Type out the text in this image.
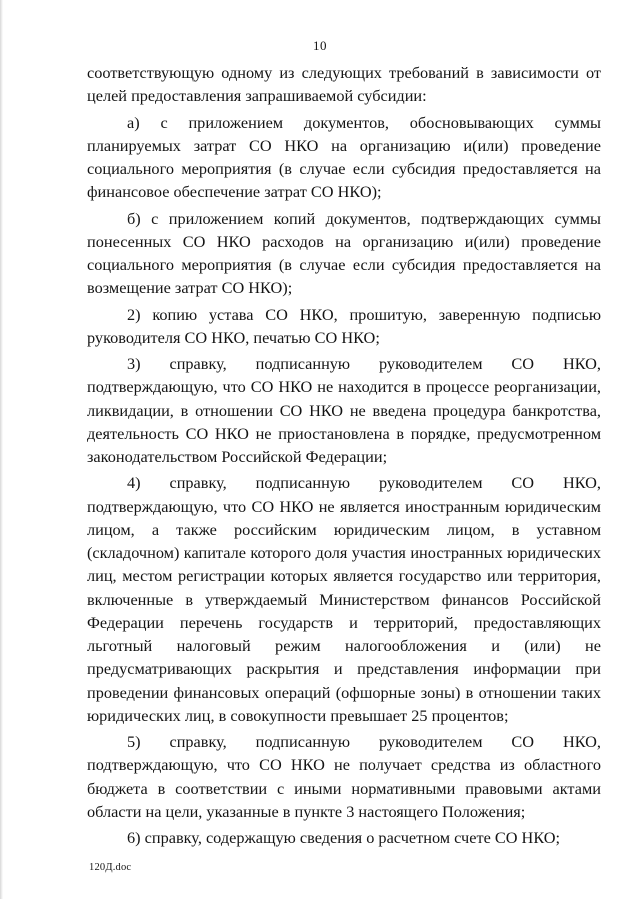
10

соответствующую одному из следующих требований в зависимости от целей предоставления запрашиваемой субсидии:

а) с приложением документов, обосновывающих суммы планируемых затрат СО НКО на организацию и(или) проведение социального мероприятия (в случае если субсидия предоставляется на финансовое обеспечение затрат СО НКО);

б) с приложением копий документов, подтверждающих суммы понесенных СО НКО расходов на организацию и(или) проведение социального мероприятия (в случае если субсидия предоставляется на возмещение затрат СО НКО);

2) копию устава СО НКО, прошитую, заверенную подписью руководителя СО НКО, печатью СО НКО;

3) справку, подписанную руководителем СО НКО, подтверждающую, что СО НКО не находится в процессе реорганизации, ликвидации, в отношении СО НКО не введена процедура банкротства, деятельность СО НКО не приостановлена в порядке, предусмотренном законодательством Российской Федерации;

4) справку, подписанную руководителем СО НКО, подтверждающую, что СО НКО не является иностранным юридическим лицом, а также российским юридическим лицом, в уставном (складочном) капитале которого доля участия иностранных юридических лиц, местом регистрации которых является государство или территория, включенные в утверждаемый Министерством финансов Российской Федерации перечень государств и территорий, предоставляющих льготный налоговый режим налогообложения и (или) не предусматривающих раскрытия и представления информации при проведении финансовых операций (офшорные зоны) в отношении таких юридических лиц, в совокупности превышает 25 процентов;

5) справку, подписанную руководителем СО НКО, подтверждающую, что СО НКО не получает средства из областного бюджета в соответствии с иными нормативными правовыми актами области на цели, указанные в пункте 3 настоящего Положения;

6) справку, содержащую сведения о расчетном счете СО НКО;

120Д.doc
